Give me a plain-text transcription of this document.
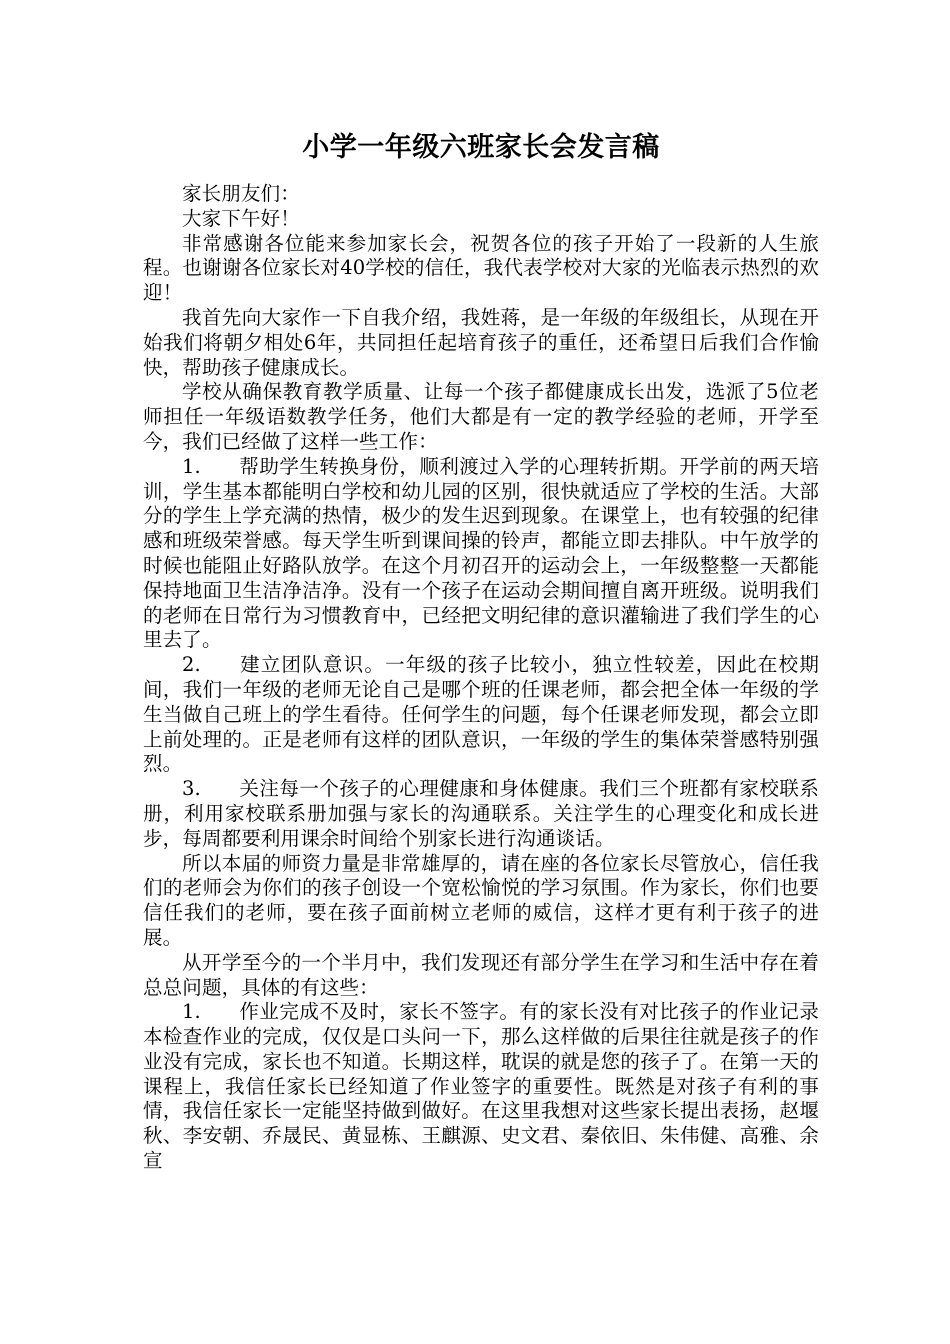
小学一年级六班家长会发言稿

家长朋友们：

大家下午好！

非常感谢各位能来参加家长会，祝贺各位的孩子开始了一段新的人生旅程。也谢谢各位家长对40学校的信任，我代表学校对大家的光临表示热烈的欢迎！

我首先向大家作一下自我介绍，我姓蒋，是一年级的年级组长，从现在开始我们将朝夕相处6年，共同担任起培育孩子的重任，还希望日后我们合作愉快，帮助孩子健康成长。

学校从确保教育教学质量、让每一个孩子都健康成长出发，选派了5位老师担任一年级语数教学任务，他们大都是有一定的教学经验的老师，开学至今，我们已经做了这样一些工作：

1. 帮助学生转换身份，顺利渡过入学的心理转折期。开学前的两天培训，学生基本都能明白学校和幼儿园的区别，很快就适应了学校的生活。大部分的学生上学充满的热情，极少的发生迟到现象。在课堂上，也有较强的纪律感和班级荣誉感。每天学生听到课间操的铃声，都能立即去排队。中午放学的时候也能阻止好路队放学。在这个月初召开的运动会上，一年级整整一天都能保持地面卫生洁净洁净。没有一个孩子在运动会期间擅自离开班级。说明我们的老师在日常行为习惯教育中，已经把文明纪律的意识灌输进了我们学生的心里去了。

2. 建立团队意识。一年级的孩子比较小，独立性较差，因此在校期间，我们一年级的老师无论自己是哪个班的任课老师，都会把全体一年级的学生当做自己班上的学生看待。任何学生的问题，每个任课老师发现，都会立即上前处理的。正是老师有这样的团队意识，一年级的学生的集体荣誉感特别强烈。

3. 关注每一个孩子的心理健康和身体健康。我们三个班都有家校联系册，利用家校联系册加强与家长的沟通联系。关注学生的心理变化和成长进步，每周都要利用课余时间给个别家长进行沟通谈话。

所以本届的师资力量是非常雄厚的，请在座的各位家长尽管放心，信任我们的老师会为你们的孩子创设一个宽松愉悦的学习氛围。作为家长，你们也要信任我们的老师，要在孩子面前树立老师的威信，这样才更有利于孩子的进展。

从开学至今的一个半月中，我们发现还有部分学生在学习和生活中存在着总总问题，具体的有这些：

1. 作业完成不及时，家长不签字。有的家长没有对比孩子的作业记录本检查作业的完成，仅仅是口头问一下，那么这样做的后果往往就是孩子的作业没有完成，家长也不知道。长期这样，耽误的就是您的孩子了。在第一天的课程上，我信任家长已经知道了作业签字的重要性。既然是对孩子有利的事情，我信任家长一定能坚持做到做好。在这里我想对这些家长提出表扬，赵堰秋、李安朝、乔晟民、黄显栋、王麒源、史文君、秦依旧、朱伟健、高雅、余宣
